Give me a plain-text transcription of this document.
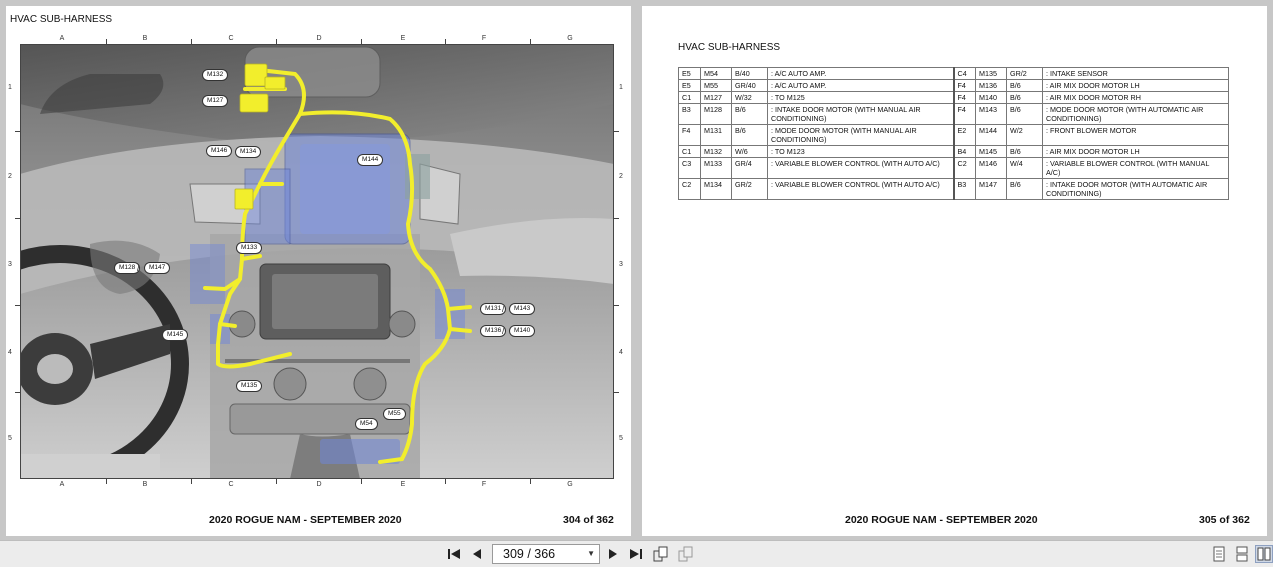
HVAC SUB-HARNESS
A	B	C	D	E	F	G
A	B	C	D	E	F	G
1
2
3
4
5
1
2
3
4
5
M132
M127
M146	M134
M144
M133
M128	M147
M131	M143
M136	M140
M145
M135
M55
M54
/
/
/
2020 ROGUE NAM - SEPTEMBER 2020	304 of 362
HVAC SUB-HARNESS
E5	M54	B/40	: A/C AUTO AMP.	C4	M135	GR/2	: INTAKE SENSOR
E5	M55	GR/40	: A/C AUTO AMP.	F4	M136	B/6	: AIR MIX DOOR MOTOR LH
C1	M127	W/32	: TO M125	F4	M140	B/6	: AIR MIX DOOR MOTOR RH
B3	M128	B/6	: INTAKE DOOR MOTOR (WITH MANUAL AIR CONDITIONING)	F4	M143	B/6	: MODE DOOR MOTOR (WITH AUTOMATIC AIR CONDITIONING)
F4	M131	B/6	: MODE DOOR MOTOR (WITH MANUAL AIR CONDITIONING)	E2	M144	W/2	: FRONT BLOWER MOTOR
C1	M132	W/6	: TO M123	B4	M145	B/6	: AIR MIX DOOR MOTOR LH
C3	M133	GR/4	: VARIABLE BLOWER CONTROL (WITH AUTO A/C)	C2	M146	W/4	: VARIABLE BLOWER CONTROL (WITH MANUAL A/C)
C2	M134	GR/2	: VARIABLE BLOWER CONTROL (WITH AUTO A/C)	B3	M147	B/6	: INTAKE DOOR MOTOR (WITH AUTOMATIC AIR CONDITIONING)
2020 ROGUE NAM - SEPTEMBER 2020	305 of 362
309 / 366	▼
